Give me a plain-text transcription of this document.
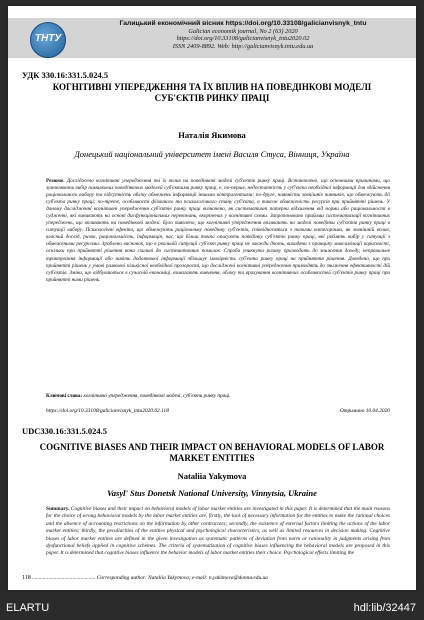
ТНТУ
Галицький економічний вісник https://doi.org/10.33108/galicianvisnyk_tntu
Galician economik journal, No 2 (63) 2020
https://doi.org/10.33108/galicianvisnyk_tntu2020.02
ISSN 2409-8892. Web: http://galicianvisnyk.tntu.edu.ua
УДК 330.16:331.5.024.5
КОГНІТИВНІ УПЕРЕДЖЕННЯ ТА ЇХ ВПЛИВ НА ПОВЕДІНКОВІ МОДЕЛІ СУБ'ЄКТІВ РИНКУ ПРАЦІ
Наталія Якимова
Донецький національний університет імені Василя Стуса, Вінниця, Україна
Резюме. Досліджено когнітивні упередження та їх вплив на поведінкові моделі суб'єктів ринку праці. Встановлено, що основними причинами, що зумовлюють вибір помилкових поведінкових моделей суб'єктами ринку праці, є, по-перше, недостатність у суб'єкта необхідної інформації для здійснення раціонального вибору та відсутність обліку обмежень інформації іншими контрагентами; по-друге, наявність зовнішніх чинників, що обмежують дії суб'єкта ринку праці; по-третє, особливості фізичного та психологічного стану суб'єкта, а також обмеженість ресурсів при прийнятті рішень. У даному дослідженні когнітивні упередження суб'єктів ринку праці визначено, як систематичні патерни відхилення від норми або раціональності в судженні, які виникають на основі дисфункціональних переконань, вкорінених у когнітивні схеми. Запропоновано прийоми систематизації когнітивних упереджень, що впливають на поведінкові моделі. Було виявлено, що когнітивні упередження впливають на моделі поведінки суб'єктів ринку праці в ситуації вибору. Психологічні ефекти, що обмежують раціональну поведінку суб'єктів, співвідносяться з такими категоріями, як зовнішній вплив, власний досвід, ризик, раціональність, інформація, час, що більш точно описують поведінку суб'єктів ринку праці, які роблять вибір у ситуації з обмеженими ресурсами. Зроблено висновок, що в реальній ситуації суб'єкт ринку праці не завжди діють, виходячи з принципу максимізації корисності, оскільки при прийнятті рішення вони схильні до систематичних помилок. Спроба уникнути ризику призводить до зниження доходу, неправильне трактування інформації або навіть додаткової інформації збільшує імовірність суб'єкта ринку праці на прийняття рішення. Доведено, що при прийнятті рішень у умові рамкової кількісної необхідної прозорості, що досліджені когнітивні упередження призводять до зниження ефективності дій суб'єктів. Зміни, що відбуваються в сучасній економіці, вимагають вивчення, обліку та врахування когнітивних особливостей суб'єктів ринку праці при прийнятті ними рішень.
Ключові слова: когнітивні упередження, поведінкові моделі, суб'єкти ринку праці.
https://doi.org/10.33108/galicianvisnyk_tntu2020.02.118	Отримано 10.04.2020
UDC330.16:331.5.024.5
COGNITIVE BIASES AND THEIR IMPACT ON BEHAVIORAL MODELS OF LABOR MARKET ENTITIES
Nataliia Yakymova
Vasyl' Stus Donetsk National University, Vinnytsia, Ukraine
Summary. Cognitive biases and their impact on behavioral models of labor market entities are investigated in this paper. It is determined that the main reasons for the choice of wrong behavioral models by the labor market entities are, firstly, the lack of necessary information for the entities to make the rational choices and the absence of accounting restrictions on the information by other contractors; secondly, the existence of external factors limiting the actions of the labor market entities; thirdly, the peculiarities of the entities physical and psychological characteristics, as well as limited resources in decision making. Cognitive biases of labor market entities are defined in the given investigation as systematic patterns of deviation from norm or rationality in judgments arising from dysfunctional beliefs applied in cognitive schemes. The criteria of systematization of cognitive biases influencing the behavioral models are proposed in this paper. It is determined that cognitive biases influence the behavior models of labor market entities their choice. Psychological effects limiting the
118 ............................................... Corresponding author: Nataliia Yakymova; e-mail: n.yakimova@donnu.edu.ua
ELARTU	hdl:lib/32447
